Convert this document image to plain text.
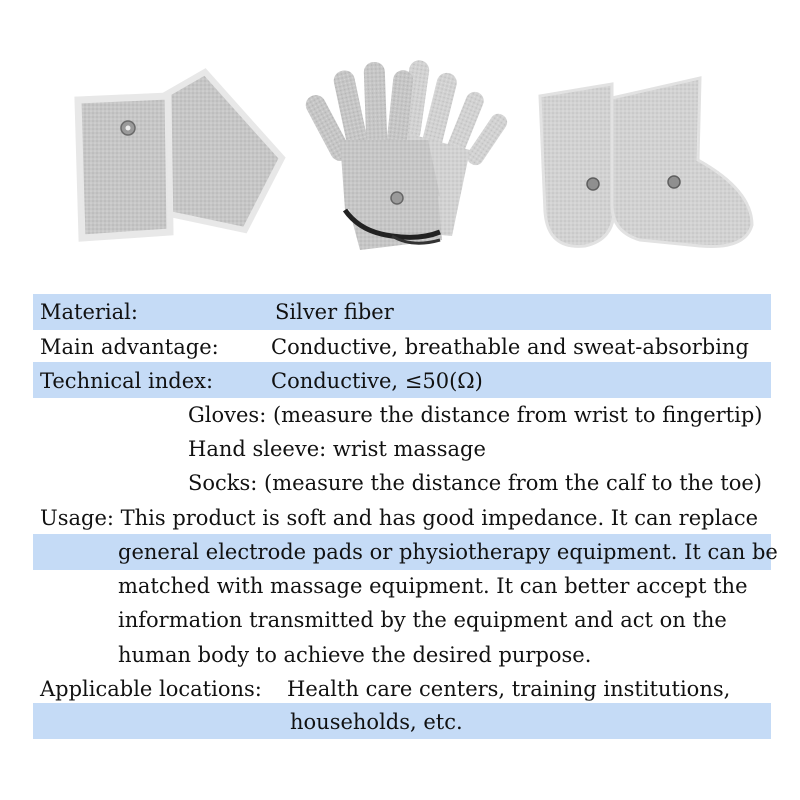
Material:	Silver fiber
Main advantage: Conductive, breathable and sweat-absorbing
Technical index:	Conductive, ≤50(Ω)
Gloves: (measure the distance from wrist to fingertip)
Hand sleeve: wrist massage
Socks: (measure the distance from the calf to the toe)
Usage: This product is soft and has good impedance. It can replace
general electrode pads or physiotherapy equipment. It can be
matched with massage equipment. It can better accept the
information transmitted by the equipment and act on the
human body to achieve the desired purpose.
Applicable locations: Health care centers, training institutions,
households, etc.
